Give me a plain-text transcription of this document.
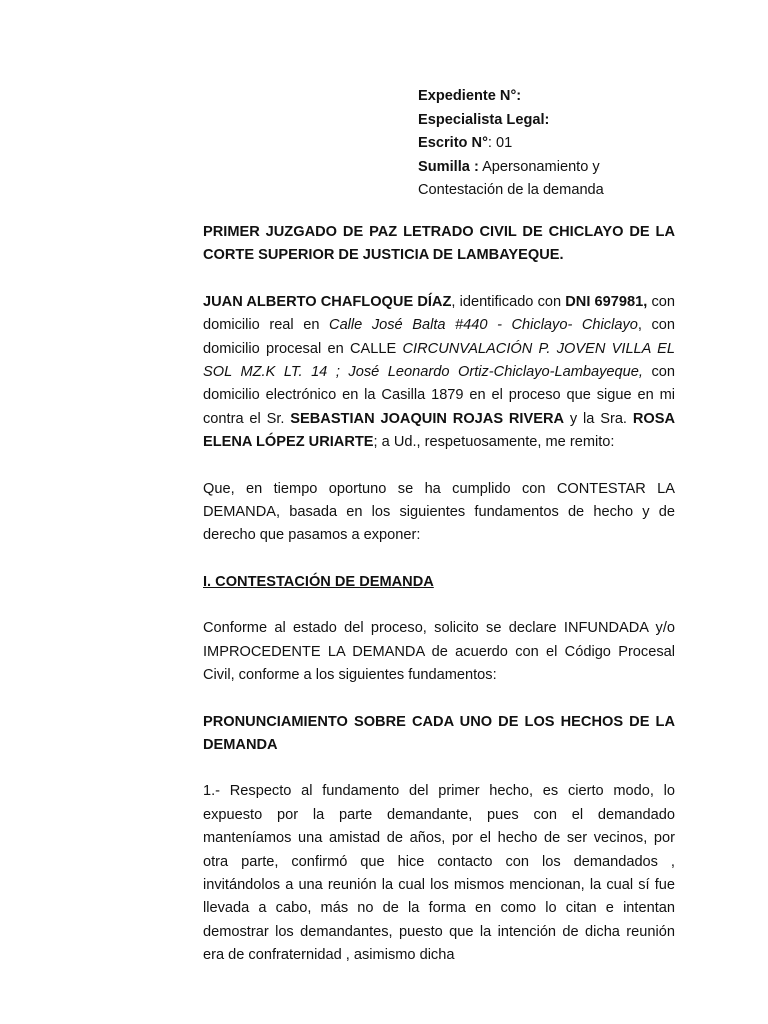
Expediente N°:
Especialista Legal:
Escrito N°: 01
Sumilla : Apersonamiento y
Contestación de la demanda

PRIMER JUZGADO DE PAZ LETRADO CIVIL DE CHICLAYO DE LA CORTE SUPERIOR DE JUSTICIA DE LAMBAYEQUE.

JUAN ALBERTO CHAFLOQUE DÍAZ, identificado con DNI 697981, con domicilio real en Calle José Balta #440 - Chiclayo- Chiclayo, con domicilio procesal en CALLE CIRCUNVALACIÓN P. JOVEN VILLA EL SOL MZ.K LT. 14 ; José Leonardo Ortiz-Chiclayo-Lambayeque, con domicilio electrónico en la Casilla 1879 en el proceso que sigue en mi contra el Sr. SEBASTIAN JOAQUIN ROJAS RIVERA y la Sra. ROSA ELENA LÓPEZ URIARTE; a Ud., respetuosamente, me remito:

Que, en tiempo oportuno se ha cumplido con CONTESTAR LA DEMANDA, basada en los siguientes fundamentos de hecho y de derecho que pasamos a exponer:

I. CONTESTACIÓN DE DEMANDA

Conforme al estado del proceso, solicito se declare INFUNDADA y/o IMPROCEDENTE LA DEMANDA de acuerdo con el Código Procesal Civil, conforme a los siguientes fundamentos:

PRONUNCIAMIENTO SOBRE CADA UNO DE LOS HECHOS DE LA DEMANDA

1.- Respecto al fundamento del primer hecho, es cierto modo, lo expuesto por la parte demandante, pues con el demandado manteníamos una amistad de años, por el hecho de ser vecinos, por otra parte, confirmó que hice contacto con los demandados , invitándolos a una reunión la cual los mismos mencionan, la cual sí fue llevada a cabo, más no de la forma en como lo citan e intentan demostrar los demandantes, puesto que la intención de dicha reunión era de confraternidad , asimismo dicha
